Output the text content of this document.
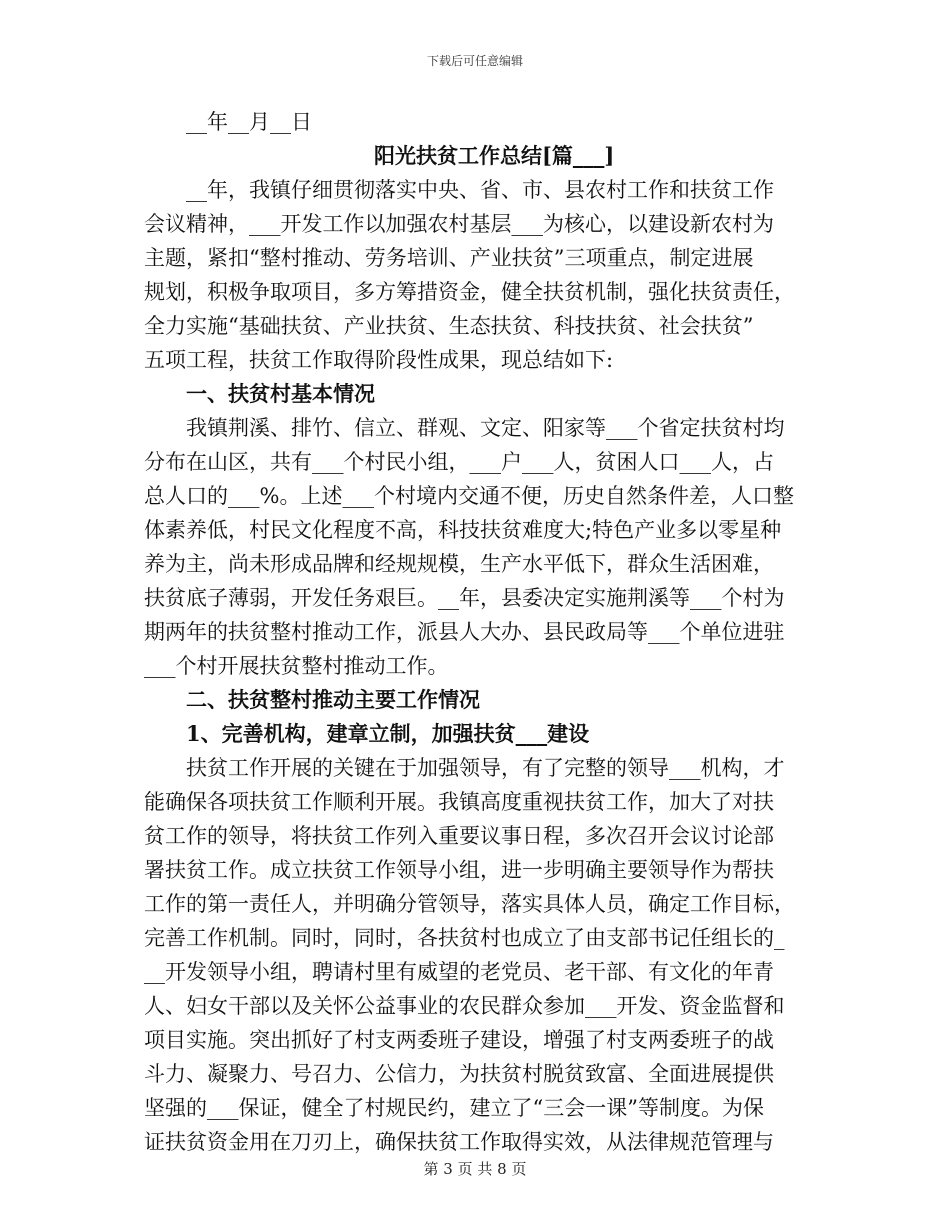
下载后可任意编辑
__年__月__日
阳光扶贫工作总结[篇___]
__年，我镇仔细贯彻落实中央、省、市、县农村工作和扶贫工作
会议精神，___开发工作以加强农村基层___为核心，以建设新农村为
主题，紧扣“整村推动、劳务培训、产业扶贫”三项重点，制定进展
规划，积极争取项目，多方筹措资金，健全扶贫机制，强化扶贫责任，
全力实施“基础扶贫、产业扶贫、生态扶贫、科技扶贫、社会扶贫”
五项工程，扶贫工作取得阶段性成果，现总结如下:
一、扶贫村基本情况
我镇荆溪、排竹、信立、群观、文定、阳家等___个省定扶贫村均
分布在山区，共有___个村民小组，___户___人，贫困人口___人，占
总人口的___%。上述___个村境内交通不便，历史自然条件差，人口整
体素养低，村民文化程度不高，科技扶贫难度大;特色产业多以零星种
养为主，尚未形成品牌和经规规模，生产水平低下，群众生活困难，
扶贫底子薄弱，开发任务艰巨。__年，县委决定实施荆溪等___个村为
期两年的扶贫整村推动工作，派县人大办、县民政局等___个单位进驻
___个村开展扶贫整村推动工作。
二、扶贫整村推动主要工作情况
1、完善机构，建章立制，加强扶贫___建设
扶贫工作开展的关键在于加强领导，有了完整的领导___机构，才
能确保各项扶贫工作顺利开展。我镇高度重视扶贫工作，加大了对扶
贫工作的领导，将扶贫工作列入重要议事日程，多次召开会议讨论部
署扶贫工作。成立扶贫工作领导小组，进一步明确主要领导作为帮扶
工作的第一责任人，并明确分管领导，落实具体人员，确定工作目标，
完善工作机制。同时，同时，各扶贫村也成立了由支部书记任组长的_
__开发领导小组，聘请村里有威望的老党员、老干部、有文化的年青
人、妇女干部以及关怀公益事业的农民群众参加___开发、资金监督和
项目实施。突出抓好了村支两委班子建设，增强了村支两委班子的战
斗力、凝聚力、号召力、公信力，为扶贫村脱贫致富、全面进展提供
坚强的___保证，健全了村规民约，建立了“三会一课”等制度。为保
证扶贫资金用在刀刃上，确保扶贫工作取得实效，从法律规范管理与
第 3 页 共 8 页
